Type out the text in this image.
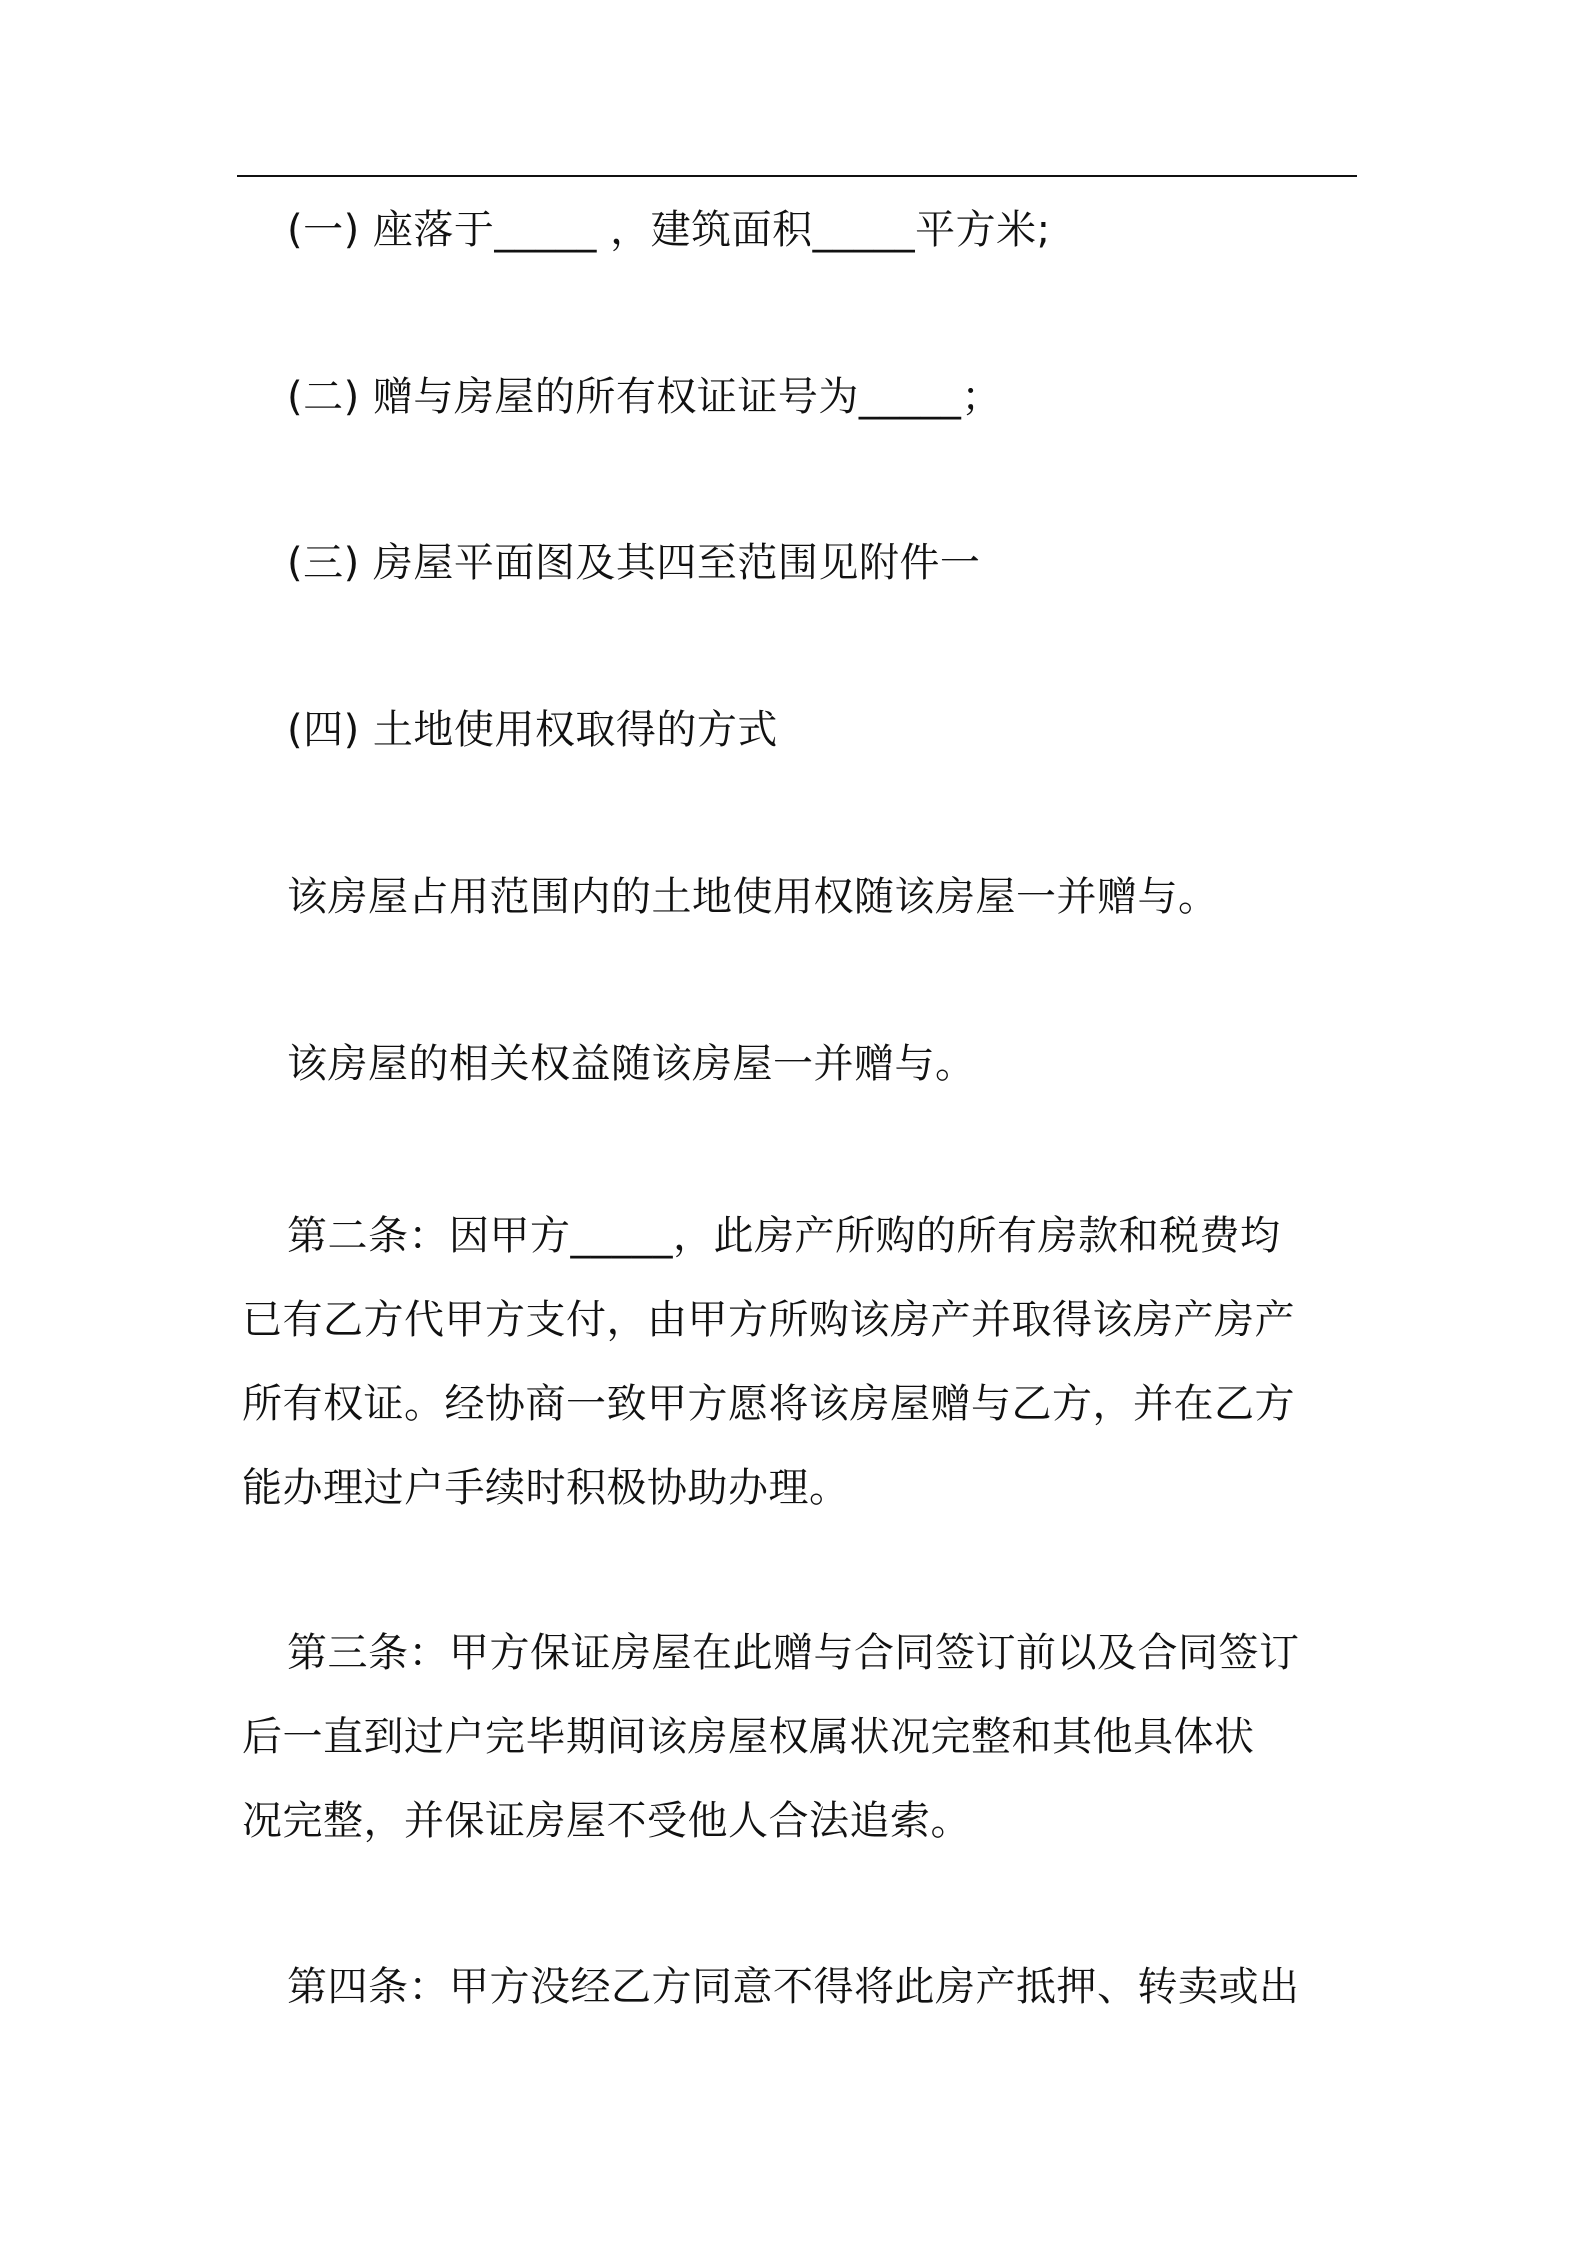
(一) 座落于_____ ，建筑面积_____平方米;
(二) 赠与房屋的所有权证证号为_____；
(三) 房屋平面图及其四至范围见附件一
(四) 土地使用权取得的方式
该房屋占用范围内的土地使用权随该房屋一并赠与。
该房屋的相关权益随该房屋一并赠与。
第二条：因甲方_____，此房产所购的所有房款和税费均
已有乙方代甲方支付，由甲方所购该房产并取得该房产房产
所有权证。经协商一致甲方愿将该房屋赠与乙方，并在乙方
能办理过户手续时积极协助办理。
第三条：甲方保证房屋在此赠与合同签订前以及合同签订
后一直到过户完毕期间该房屋权属状况完整和其他具体状
况完整，并保证房屋不受他人合法追索。
第四条：甲方没经乙方同意不得将此房产抵押、转卖或出
